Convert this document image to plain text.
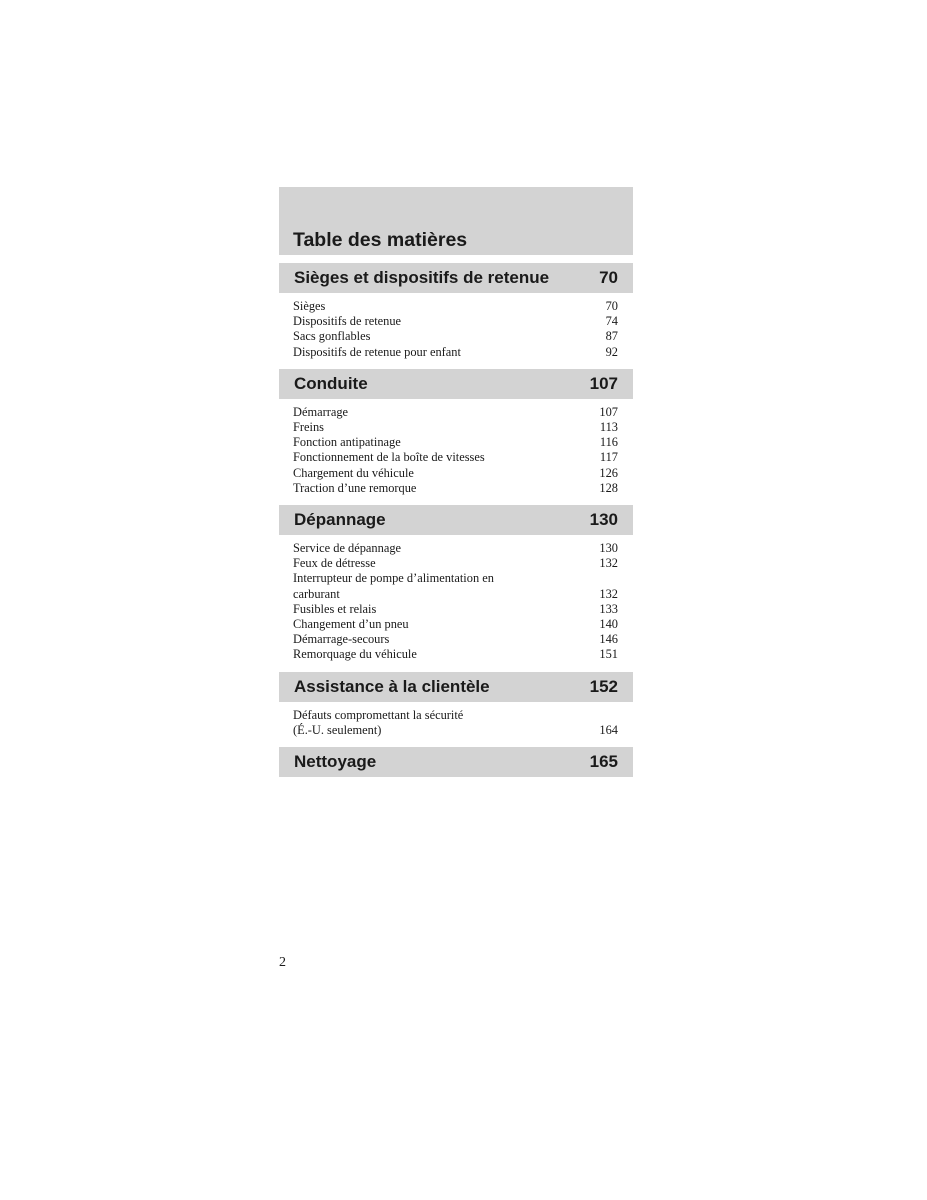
Table des matières
Sièges et dispositifs de retenue	70
Sièges	70
Dispositifs de retenue	74
Sacs gonflables	87
Dispositifs de retenue pour enfant	92
Conduite	107
Démarrage	107
Freins	113
Fonction antipatinage	116
Fonctionnement de la boîte de vitesses	117
Chargement du véhicule	126
Traction d’une remorque	128
Dépannage	130
Service de dépannage	130
Feux de détresse	132
Interrupteur de pompe d’alimentation en
carburant	132
Fusibles et relais	133
Changement d’un pneu	140
Démarrage-secours	146
Remorquage du véhicule	151
Assistance à la clientèle	152
Défauts compromettant la sécurité
(É.-U. seulement)	164
Nettoyage	165
2
